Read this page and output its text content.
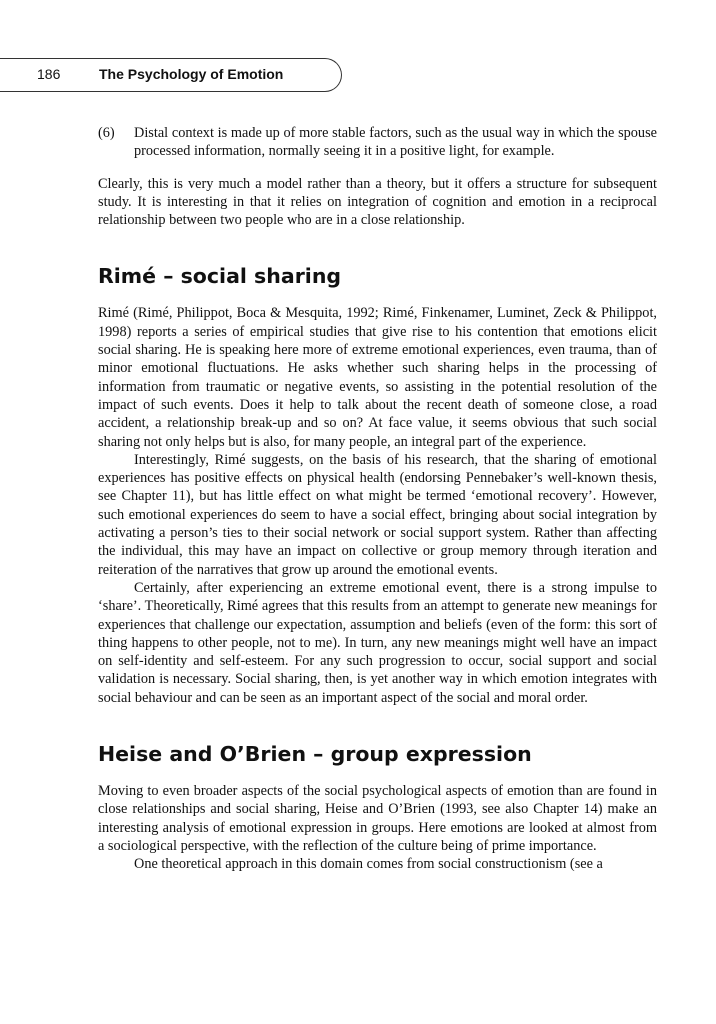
186	The Psychology of Emotion
(6)	Distal context is made up of more stable factors, such as the usual way in which the spouse processed information, normally seeing it in a positive light, for example.

Clearly, this is very much a model rather than a theory, but it offers a structure for subsequent study. It is interesting in that it relies on integration of cognition and emotion in a reciprocal relationship between two people who are in a close relationship.

Rimé – social sharing

Rimé (Rimé, Philippot, Boca & Mesquita, 1992; Rimé, Finkenamer, Luminet, Zeck & Philippot, 1998) reports a series of empirical studies that give rise to his contention that emotions elicit social sharing. He is speaking here more of extreme emotional experiences, even trauma, than of minor emotional fluctuations. He asks whether such sharing helps in the processing of information from traumatic or negative events, so assisting in the potential resolution of the impact of such events. Does it help to talk about the recent death of someone close, a road accident, a relationship break-up and so on? At face value, it seems obvious that such social sharing not only helps but is also, for many people, an integral part of the experience.

Interestingly, Rimé suggests, on the basis of his research, that the sharing of emotional experiences has positive effects on physical health (endorsing Pennebaker’s well-known thesis, see Chapter 11), but has little effect on what might be termed ‘emotional recovery’. However, such emotional experiences do seem to have a social effect, bringing about social integration by activating a person’s ties to their social network or social support system. Rather than affecting the individual, this may have an impact on collective or group memory through iteration and reiteration of the narratives that grow up around the emotional events.

Certainly, after experiencing an extreme emotional event, there is a strong impulse to ‘share’. Theoretically, Rimé agrees that this results from an attempt to generate new meanings for experiences that challenge our expectation, assumption and beliefs (even of the form: this sort of thing happens to other people, not to me). In turn, any new meanings might well have an impact on self-identity and self-esteem. For any such progression to occur, social support and social validation is necessary. Social sharing, then, is yet another way in which emotion integrates with social behaviour and can be seen as an important aspect of the social and moral order.

Heise and O’Brien – group expression

Moving to even broader aspects of the social psychological aspects of emotion than are found in close relationships and social sharing, Heise and O’Brien (1993, see also Chapter 14) make an interesting analysis of emotional expression in groups. Here emotions are looked at almost from a sociological perspective, with the reflection of the culture being of prime importance.

One theoretical approach in this domain comes from social constructionism (see a
